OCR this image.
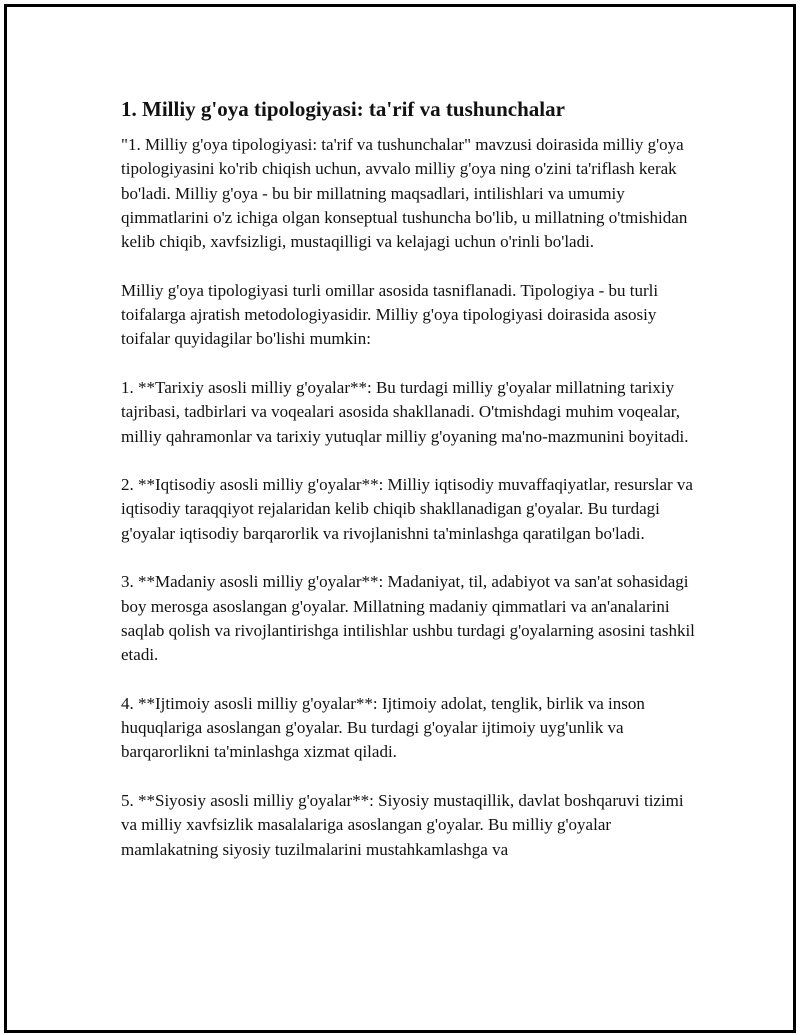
1. Milliy g'oya tipologiyasi: ta'rif va tushunchalar

"1. Milliy g'oya tipologiyasi: ta'rif va tushunchalar" mavzusi doirasida milliy g'oya tipologiyasini ko'rib chiqish uchun, avvalo milliy g'oya ning o'zini ta'riflash kerak bo'ladi. Milliy g'oya - bu bir millatning maqsadlari, intilishlari va umumiy qimmatlarini o'z ichiga olgan konseptual tushuncha bo'lib, u millatning o'tmishidan kelib chiqib, xavfsizligi, mustaqilligi va kelajagi uchun o'rinli bo'ladi.

Milliy g'oya tipologiyasi turli omillar asosida tasniflanadi. Tipologiya - bu turli toifalarga ajratish metodologiyasidir. Milliy g'oya tipologiyasi doirasida asosiy toifalar quyidagilar bo'lishi mumkin:

1. **Tarixiy asosli milliy g'oyalar**: Bu turdagi milliy g'oyalar millatning tarixiy tajribasi, tadbirlari va voqealari asosida shakllanadi. O'tmishdagi muhim voqealar, milliy qahramonlar va tarixiy yutuqlar milliy g'oyaning ma'no-mazmunini boyitadi.

2. **Iqtisodiy asosli milliy g'oyalar**: Milliy iqtisodiy muvaffaqiyatlar, resurslar va iqtisodiy taraqqiyot rejalaridan kelib chiqib shakllanadigan g'oyalar. Bu turdagi g'oyalar iqtisodiy barqarorlik va rivojlanishni ta'minlashga qaratilgan bo'ladi.

3. **Madaniy asosli milliy g'oyalar**: Madaniyat, til, adabiyot va san'at sohasidagi boy merosga asoslangan g'oyalar. Millatning madaniy qimmatlari va an'analarini saqlab qolish va rivojlantirishga intilishlar ushbu turdagi g'oyalarning asosini tashkil etadi.

4. **Ijtimoiy asosli milliy g'oyalar**: Ijtimoiy adolat, tenglik, birlik va inson huquqlariga asoslangan g'oyalar. Bu turdagi g'oyalar ijtimoiy uyg'unlik va barqarorlikni ta'minlashga xizmat qiladi.

5. **Siyosiy asosli milliy g'oyalar**: Siyosiy mustaqillik, davlat boshqaruvi tizimi va milliy xavfsizlik masalalariga asoslangan g'oyalar. Bu milliy g'oyalar mamlakatning siyosiy tuzilmalarini mustahkamlashga va
